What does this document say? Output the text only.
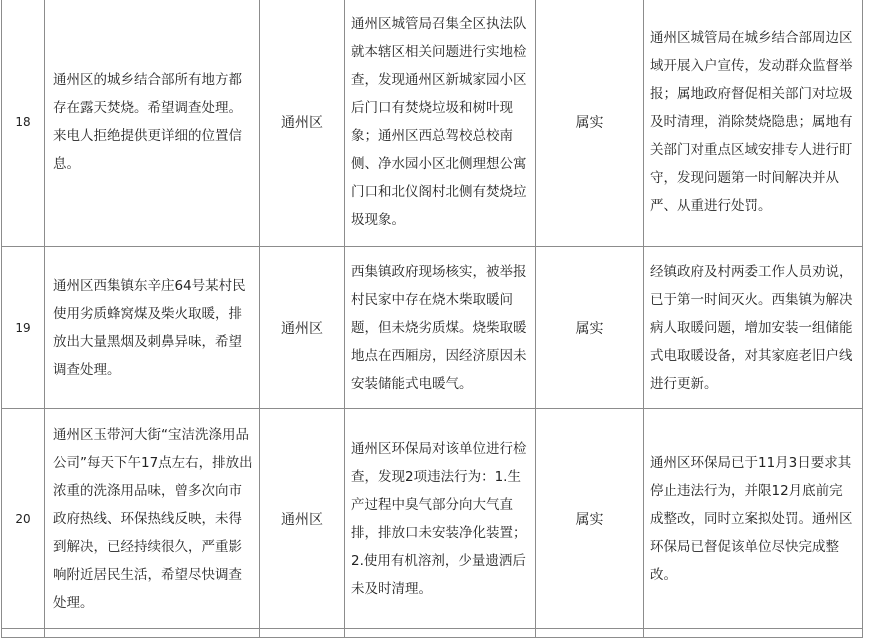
18	通州区的城乡结合部所有地方都存在露天焚烧。希望调查处理。来电人拒绝提供更详细的位置信息。	通州区	通州区城管局召集全区执法队就本辖区相关问题进行实地检查，发现通州区新城家园小区后门口有焚烧垃圾和树叶现象；通州区西总驾校总校南侧、净水园小区北侧理想公寓门口和北仪阁村北侧有焚烧垃圾现象。	属实	通州区城管局在城乡结合部周边区域开展入户宣传，发动群众监督举报；属地政府督促相关部门对垃圾及时清理，消除焚烧隐患；属地有关部门对重点区域安排专人进行盯守，发现问题第一时间解决并从严、从重进行处罚。
19	通州区西集镇东辛庄64号某村民使用劣质蜂窝煤及柴火取暖，排放出大量黑烟及刺鼻异味，希望调查处理。	通州区	西集镇政府现场核实，被举报村民家中存在烧木柴取暖问题，但未烧劣质煤。烧柴取暖地点在西厢房，因经济原因未安装储能式电暖气。	属实	经镇政府及村两委工作人员劝说，已于第一时间灭火。西集镇为解决病人取暖问题，增加安装一组储能式电取暖设备，对其家庭老旧户线进行更新。
20	通州区玉带河大街“宝洁洗涤用品公司”每天下午17点左右，排放出浓重的洗涤用品味，曾多次向市政府热线、环保热线反映，未得到解决，已经持续很久，严重影响附近居民生活，希望尽快调查处理。	通州区	通州区环保局对该单位进行检查，发现2项违法行为：1.生产过程中臭气部分向大气直排，排放口未安装净化装置；2.使用有机溶剂，少量遗洒后未及时清理。	属实	通州区环保局已于11月3日要求其停止违法行为，并限12月底前完成整改，同时立案拟处罚。通州区环保局已督促该单位尽快完成整改。
